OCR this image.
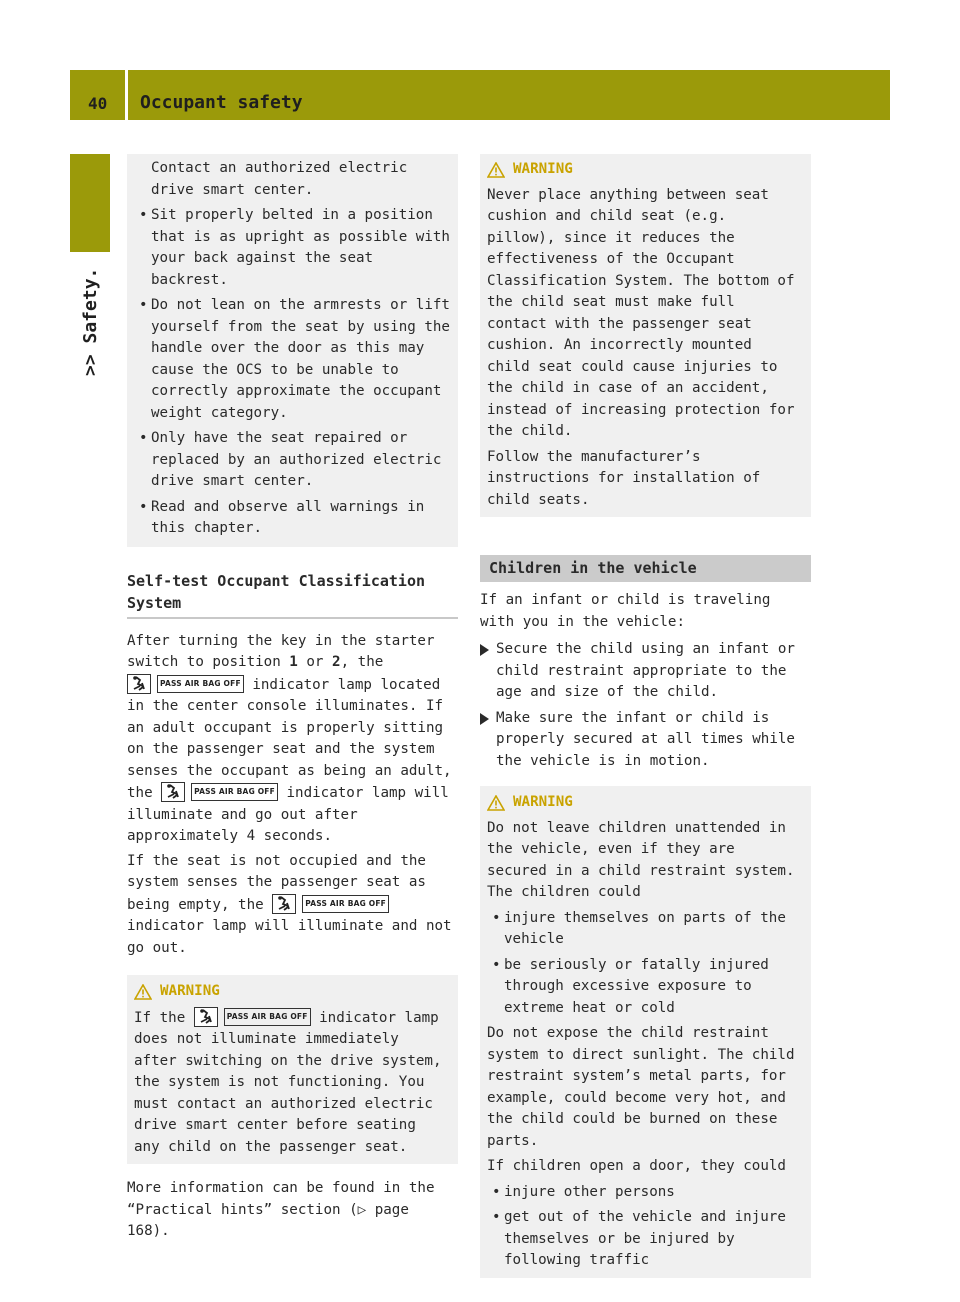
40 Occupant safety
>> Safety.

Contact an authorized electric drive smart center.

• Sit properly belted in a position that is as upright as possible with your back against the seat backrest.
• Do not lean on the armrests or lift yourself from the seat by using the handle over the door as this may cause the OCS to be unable to correctly approximate the occupant weight category.
• Only have the seat repaired or replaced by an authorized electric drive smart center.
• Read and observe all warnings in this chapter.
Self-test Occupant Classification System

After turning the key in the starter switch to position 1 or 2, the
PASS AIR BAG OFF indicator lamp located in the center console illuminates. If an adult occupant is properly sitting on the passenger seat and the system senses the occupant as being an adult, the	PASS AIR BAG OFF indicator lamp will illuminate and go out after approximately 4 seconds.

If the seat is not occupied and the system senses the passenger seat as being empty, the	PASS AIR BAG OFF
indicator lamp will illuminate and not go out.

WARNING

If the	PASS AIR BAG OFF indicator lamp does not illuminate immediately after switching on the drive system, the system is not functioning. You must contact an authorized electric drive smart center before seating any child on the passenger seat.

More information can be found in the “Practical hints” section (▷ page 168).

WARNING

Never place anything between seat cushion and child seat (e.g. pillow), since it reduces the effectiveness of the Occupant Classification System. The bottom of the child seat must make full contact with the passenger seat cushion. An incorrectly mounted child seat could cause injuries to the child in case of an accident, instead of increasing protection for the child.

Follow the manufacturer’s instructions for installation of child seats.

Children in the vehicle

If an infant or child is traveling with you in the vehicle:

Secure the child using an infant or child restraint appropriate to the age and size of the child.
Make sure the infant or child is properly secured at all times while the vehicle is in motion.
WARNING

Do not leave children unattended in the vehicle, even if they are secured in a child restraint system. The children could

• injure themselves on parts of the vehicle
• be seriously or fatally injured through excessive exposure to extreme heat or cold

Do not expose the child restraint system to direct sunlight. The child restraint system’s metal parts, for example, could become very hot, and the child could be burned on these parts.

If children open a door, they could

• injure other persons
• get out of the vehicle and injure themselves or be injured by following traffic
